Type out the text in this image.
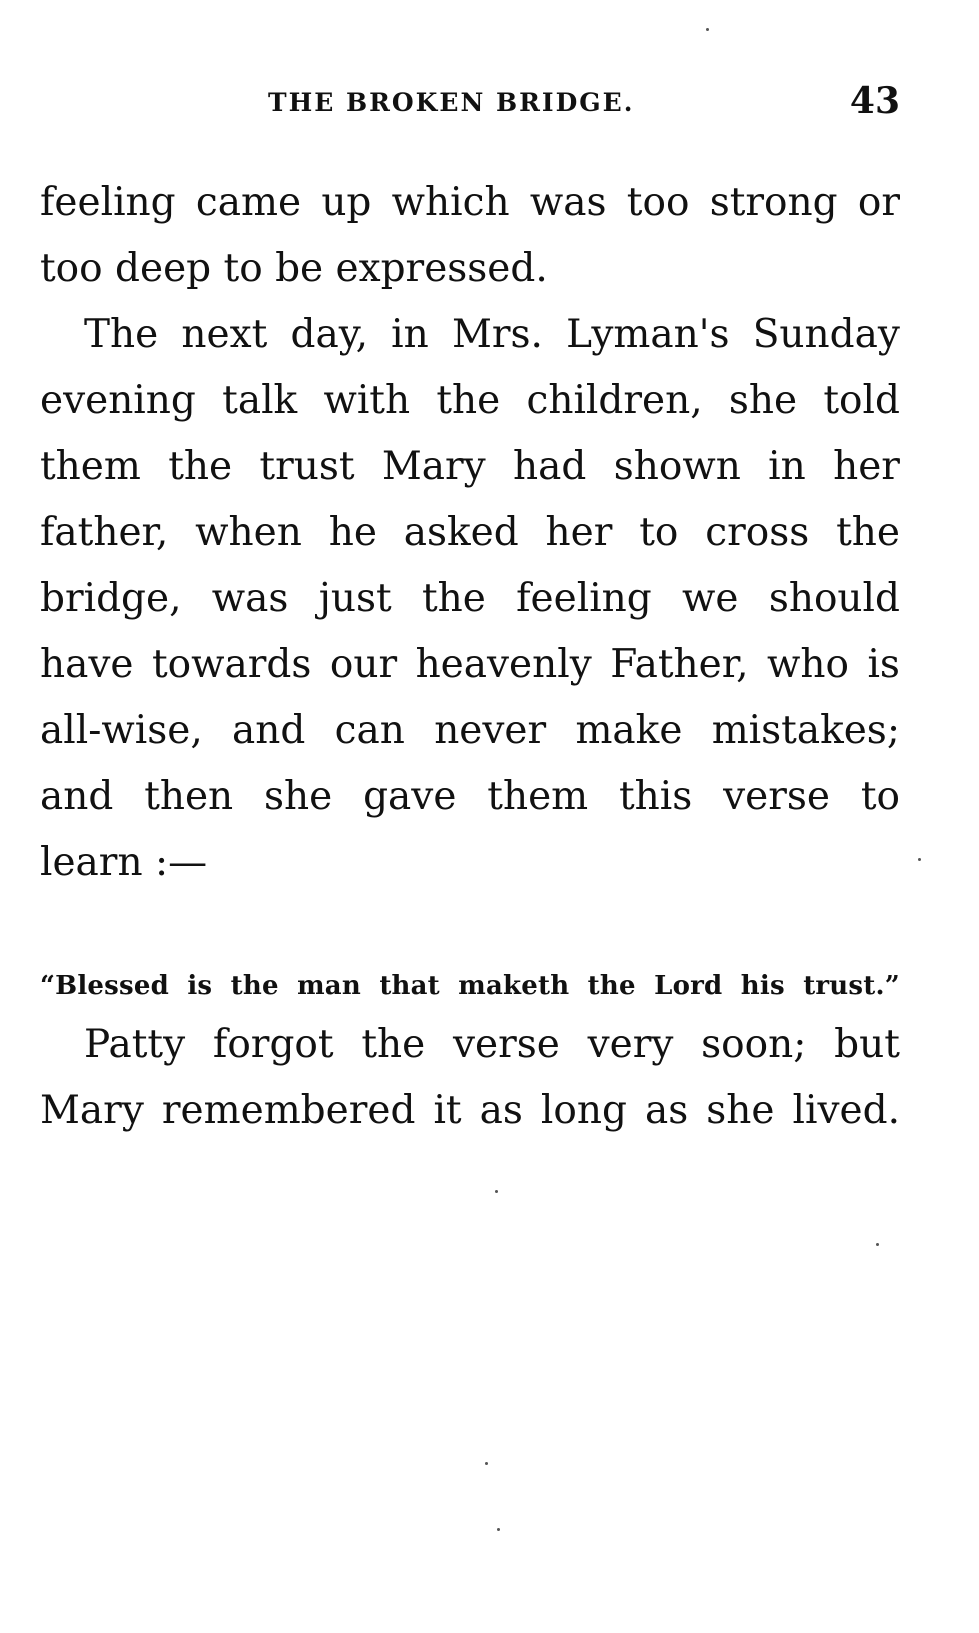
THE BROKEN BRIDGE.	43
feeling came up which was too strong or
too deep to be expressed.
The next day, in Mrs. Lyman's Sunday
evening talk with the children, she told
them the trust Mary had shown in her
father, when he asked her to cross the
bridge, was just the feeling we should
have towards our heavenly Father, who is
all-wise, and can never make mistakes;
and then she gave them this verse to
learn :—
“Blessed is the man that maketh the Lord his trust.”
Patty forgot the verse very soon; but
Mary remembered it as long as she lived.
